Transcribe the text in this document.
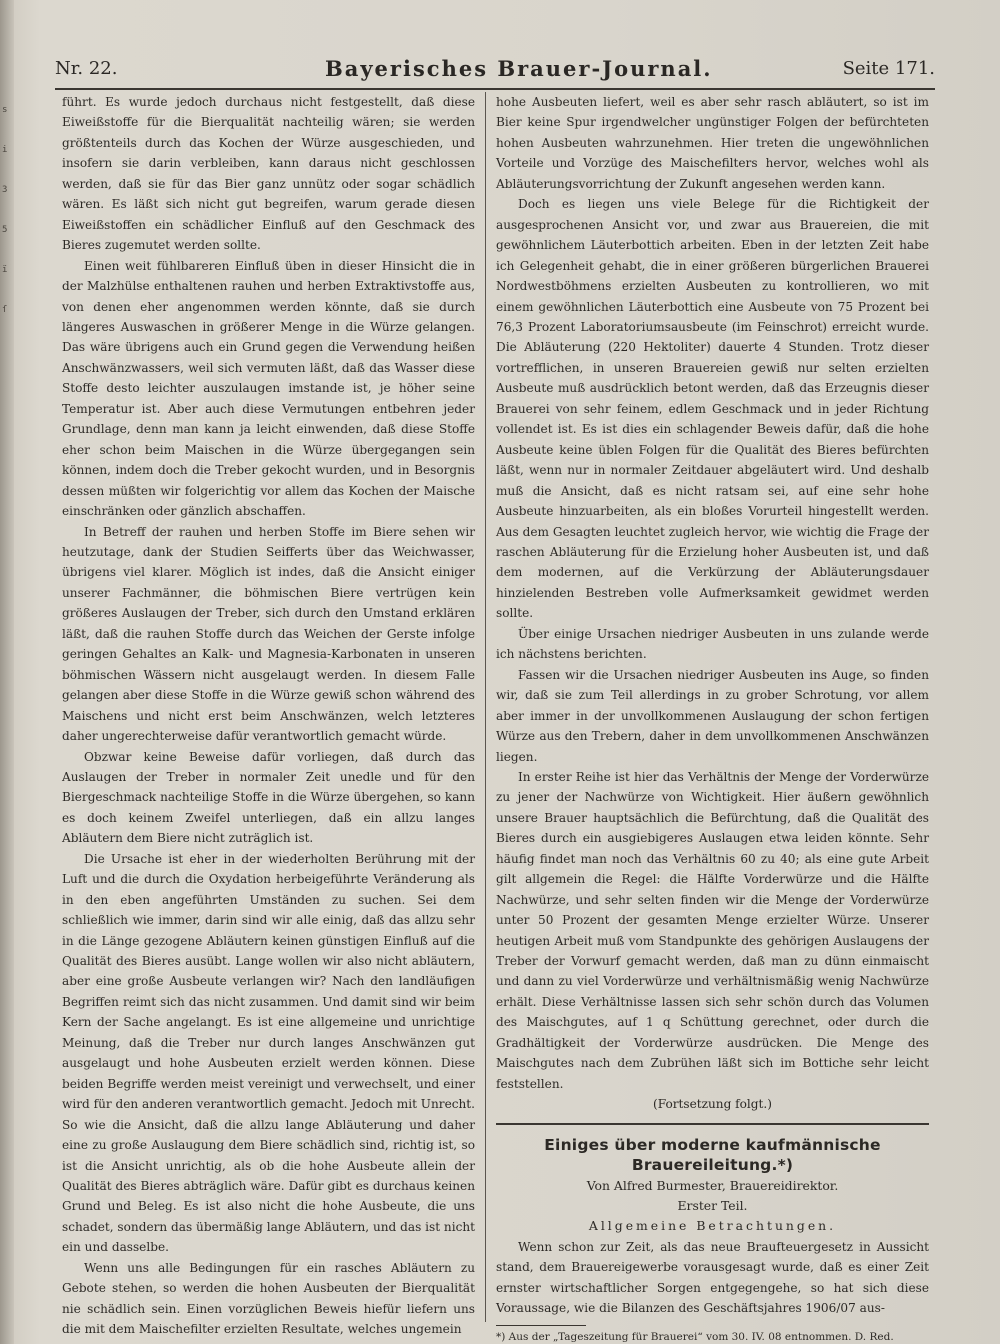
s i 3 5 ï ſ
Nr. 22.	Bayerisches Brauer-Journal.	Seite 171.

führt. Es wurde jedoch durchaus nicht festgestellt, daß diese Eiweißstoffe für die Bierqualität nachteilig wären; sie werden größtenteils durch das Kochen der Würze ausgeschieden, und insofern sie darin verbleiben, kann daraus nicht geschlossen werden, daß sie für das Bier ganz unnütz oder sogar schädlich wären. Es läßt sich nicht gut begreifen, warum gerade diesen Eiweißstoffen ein schädlicher Einfluß auf den Geschmack des Bieres zugemutet werden sollte.

Einen weit fühlbareren Einfluß üben in dieser Hinsicht die in der Malzhülse enthaltenen rauhen und herben Extraktivstoffe aus, von denen eher angenommen werden könnte, daß sie durch längeres Auswaschen in größerer Menge in die Würze gelangen. Das wäre übrigens auch ein Grund gegen die Verwendung heißen Anschwänzwassers, weil sich vermuten läßt, daß das Wasser diese Stoffe desto leichter auszulaugen imstande ist, je höher seine Temperatur ist. Aber auch diese Vermutungen entbehren jeder Grundlage, denn man kann ja leicht einwenden, daß diese Stoffe eher schon beim Maischen in die Würze übergegangen sein können, indem doch die Treber gekocht wurden, und in Besorgnis dessen müßten wir folgerichtig vor allem das Kochen der Maische einschränken oder gänzlich abschaffen.

In Betreff der rauhen und herben Stoffe im Biere sehen wir heutzutage, dank der Studien Seifferts über das Weichwasser, übrigens viel klarer. Möglich ist indes, daß die Ansicht einiger unserer Fachmänner, die böhmischen Biere vertrügen kein größeres Auslaugen der Treber, sich durch den Umstand erklären läßt, daß die rauhen Stoffe durch das Weichen der Gerste infolge geringen Gehaltes an Kalk- und Magnesia-Karbonaten in unseren böhmischen Wässern nicht ausgelaugt werden. In diesem Falle gelangen aber diese Stoffe in die Würze gewiß schon während des Maischens und nicht erst beim Anschwänzen, welch letzteres daher ungerechterweise dafür verantwortlich gemacht würde.

Obzwar keine Beweise dafür vorliegen, daß durch das Auslaugen der Treber in normaler Zeit unedle und für den Biergeschmack nachteilige Stoffe in die Würze übergehen, so kann es doch keinem Zweifel unterliegen, daß ein allzu langes Abläutern dem Biere nicht zuträglich ist.

Die Ursache ist eher in der wiederholten Berührung mit der Luft und die durch die Oxydation herbeigeführte Veränderung als in den eben angeführten Umständen zu suchen. Sei dem schließlich wie immer, darin sind wir alle einig, daß das allzu sehr in die Länge gezogene Abläutern keinen günstigen Einfluß auf die Qualität des Bieres ausübt. Lange wollen wir also nicht abläutern, aber eine große Ausbeute verlangen wir? Nach den landläufigen Begriffen reimt sich das nicht zusammen. Und damit sind wir beim Kern der Sache angelangt. Es ist eine allgemeine und unrichtige Meinung, daß die Treber nur durch langes Anschwänzen gut ausgelaugt und hohe Ausbeuten erzielt werden können. Diese beiden Begriffe werden meist vereinigt und verwechselt, und einer wird für den anderen verantwortlich gemacht. Jedoch mit Unrecht. So wie die Ansicht, daß die allzu lange Abläuterung und daher eine zu große Auslaugung dem Biere schädlich sind, richtig ist, so ist die Ansicht unrichtig, als ob die hohe Ausbeute allein der Qualität des Bieres abträglich wäre. Dafür gibt es durchaus keinen Grund und Beleg. Es ist also nicht die hohe Ausbeute, die uns schadet, sondern das übermäßig lange Abläutern, und das ist nicht ein und dasselbe.

Wenn uns alle Bedingungen für ein rasches Abläutern zu Gebote stehen, so werden die hohen Ausbeuten der Bierqualität nie schädlich sein. Einen vorzüglichen Beweis hiefür liefern uns die mit dem Maischefilter erzielten Resultate, welches ungemein

hohe Ausbeuten liefert, weil es aber sehr rasch abläutert, so ist im Bier keine Spur irgendwelcher ungünstiger Folgen der befürchteten hohen Ausbeuten wahrzunehmen. Hier treten die ungewöhnlichen Vorteile und Vorzüge des Maischefilters hervor, welches wohl als Abläuterungsvorrichtung der Zukunft angesehen werden kann.

Doch es liegen uns viele Belege für die Richtigkeit der ausgesprochenen Ansicht vor, und zwar aus Brauereien, die mit gewöhnlichem Läuterbottich arbeiten. Eben in der letzten Zeit habe ich Gelegenheit gehabt, die in einer größeren bürgerlichen Brauerei Nordwestböhmens erzielten Ausbeuten zu kontrollieren, wo mit einem gewöhnlichen Läuterbottich eine Ausbeute von 75 Prozent bei 76,3 Prozent Laboratoriumsausbeute (im Feinschrot) erreicht wurde. Die Abläuterung (220 Hektoliter) dauerte 4 Stunden. Trotz dieser vortrefflichen, in unseren Brauereien gewiß nur selten erzielten Ausbeute muß ausdrücklich betont werden, daß das Erzeugnis dieser Brauerei von sehr feinem, edlem Geschmack und in jeder Richtung vollendet ist. Es ist dies ein schlagender Beweis dafür, daß die hohe Ausbeute keine üblen Folgen für die Qualität des Bieres befürchten läßt, wenn nur in normaler Zeitdauer abgeläutert wird. Und deshalb muß die Ansicht, daß es nicht ratsam sei, auf eine sehr hohe Ausbeute hinzuarbeiten, als ein bloßes Vorurteil hingestellt werden. Aus dem Gesagten leuchtet zugleich hervor, wie wichtig die Frage der raschen Abläuterung für die Erzielung hoher Ausbeuten ist, und daß dem modernen, auf die Verkürzung der Abläuterungsdauer hinzielenden Bestreben volle Aufmerksamkeit gewidmet werden sollte.

Über einige Ursachen niedriger Ausbeuten in uns zulande werde ich nächstens berichten.

Fassen wir die Ursachen niedriger Ausbeuten ins Auge, so finden wir, daß sie zum Teil allerdings in zu grober Schrotung, vor allem aber immer in der unvollkommenen Auslaugung der schon fertigen Würze aus den Trebern, daher in dem unvollkommenen Anschwänzen liegen.

In erster Reihe ist hier das Verhältnis der Menge der Vorderwürze zu jener der Nachwürze von Wichtigkeit. Hier äußern gewöhnlich unsere Brauer hauptsächlich die Befürchtung, daß die Qualität des Bieres durch ein ausgiebigeres Auslaugen etwa leiden könnte. Sehr häufig findet man noch das Verhältnis 60 zu 40; als eine gute Arbeit gilt allgemein die Regel: die Hälfte Vorderwürze und die Hälfte Nachwürze, und sehr selten finden wir die Menge der Vorderwürze unter 50 Prozent der gesamten Menge erzielter Würze. Unserer heutigen Arbeit muß vom Standpunkte des gehörigen Auslaugens der Treber der Vorwurf gemacht werden, daß man zu dünn einmaischt und dann zu viel Vorderwürze und verhältnismäßig wenig Nachwürze erhält. Diese Verhältnisse lassen sich sehr schön durch das Volumen des Maischgutes, auf 1 q Schüttung gerechnet, oder durch die Gradhältigkeit der Vorderwürze ausdrücken. Die Menge des Maischgutes nach dem Zubrühen läßt sich im Bottiche sehr leicht feststellen.

(Fortsetzung folgt.)

Einiges über moderne kaufmännische Brauereileitung.*)

Von Alfred Burmester, Brauereidirektor.

Erster Teil.

Allgemeine Betrachtungen.

Wenn schon zur Zeit, als das neue Braufteuergesetz in Aussicht stand, dem Brauereigewerbe vorausgesagt wurde, daß es einer Zeit ernster wirtschaftlicher Sorgen entgegengehe, so hat sich diese Voraussage, wie die Bilanzen des Geschäftsjahres 1906/07 aus-

*) Aus der „Tageszeitung für Brauerei“ vom 30. IV. 08 entnommen. D. Red.
